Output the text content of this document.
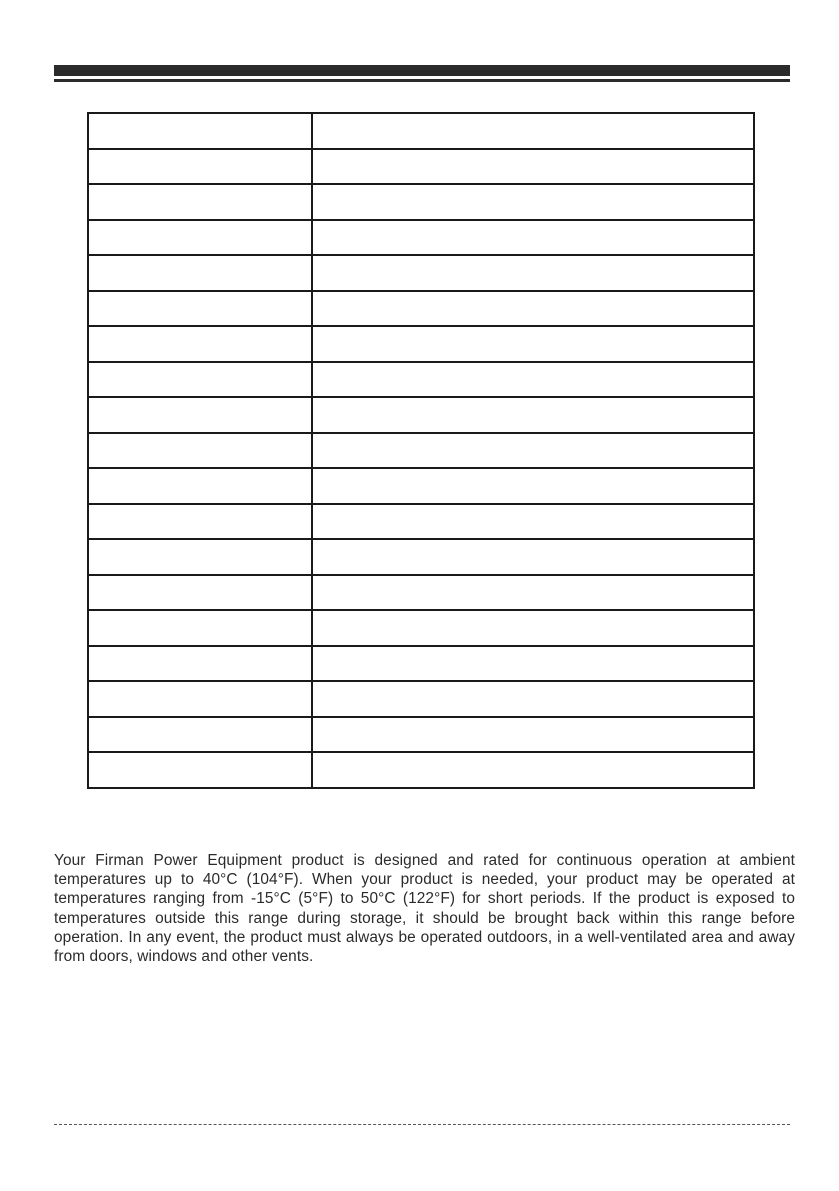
Your Firman Power Equipment product is designed and rated for continuous operation at ambient temperatures up to 40°C (104°F). When your product is needed, your product may be operated at temperatures ranging from -15°C (5°F) to 50°C (122°F) for short periods. If the product is exposed to temperatures outside this range during storage, it should be brought back within this range before operation. In any event, the product must always be operated outdoors, in a well-ventilated area and away from doors, windows and other vents.
